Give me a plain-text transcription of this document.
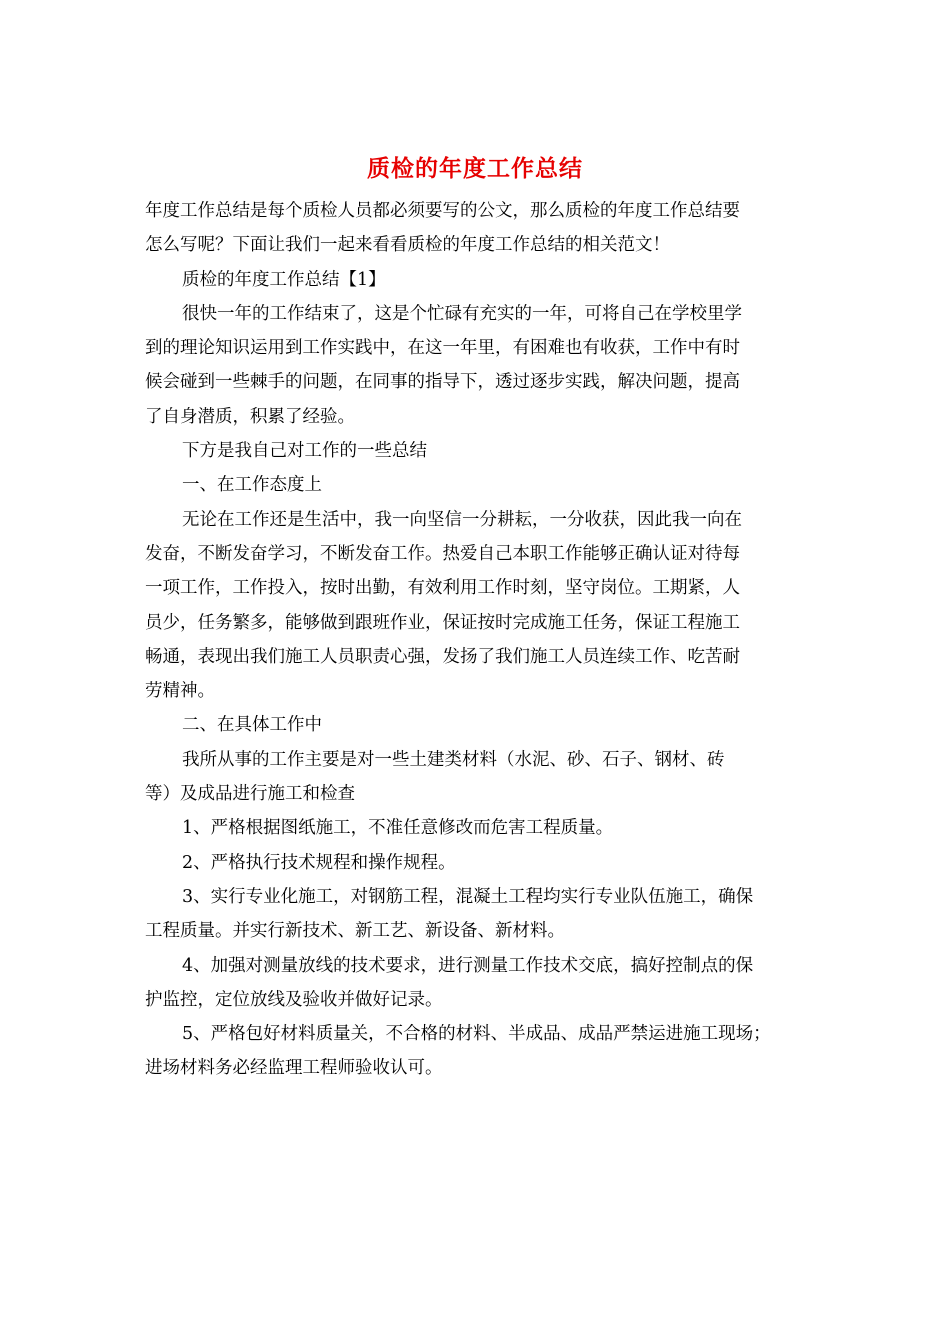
质检的年度工作总结
年度工作总结是每个质检人员都必须要写的公文，那么质检的年度工作总结要
怎么写呢？下面让我们一起来看看质检的年度工作总结的相关范文！
质检的年度工作总结【1】
很快一年的工作结束了，这是个忙碌有充实的一年，可将自己在学校里学
到的理论知识运用到工作实践中，在这一年里，有困难也有收获，工作中有时
候会碰到一些棘手的问题，在同事的指导下，透过逐步实践，解决问题，提高
了自身潜质，积累了经验。
下方是我自己对工作的一些总结
一、在工作态度上
无论在工作还是生活中，我一向坚信一分耕耘，一分收获，因此我一向在
发奋，不断发奋学习，不断发奋工作。热爱自己本职工作能够正确认证对待每
一项工作，工作投入，按时出勤，有效利用工作时刻，坚守岗位。工期紧，人
员少，任务繁多，能够做到跟班作业，保证按时完成施工任务，保证工程施工
畅通，表现出我们施工人员职责心强，发扬了我们施工人员连续工作、吃苦耐
劳精神。
二、在具体工作中
我所从事的工作主要是对一些土建类材料（水泥、砂、石子、钢材、砖
等）及成品进行施工和检查
1、严格根据图纸施工，不准任意修改而危害工程质量。
2、严格执行技术规程和操作规程。
3、实行专业化施工，对钢筋工程，混凝土工程均实行专业队伍施工，确保
工程质量。并实行新技术、新工艺、新设备、新材料。
4、加强对测量放线的技术要求，进行测量工作技术交底，搞好控制点的保
护监控，定位放线及验收并做好记录。
5、严格包好材料质量关，不合格的材料、半成品、成品严禁运进施工现场；
进场材料务必经监理工程师验收认可。
